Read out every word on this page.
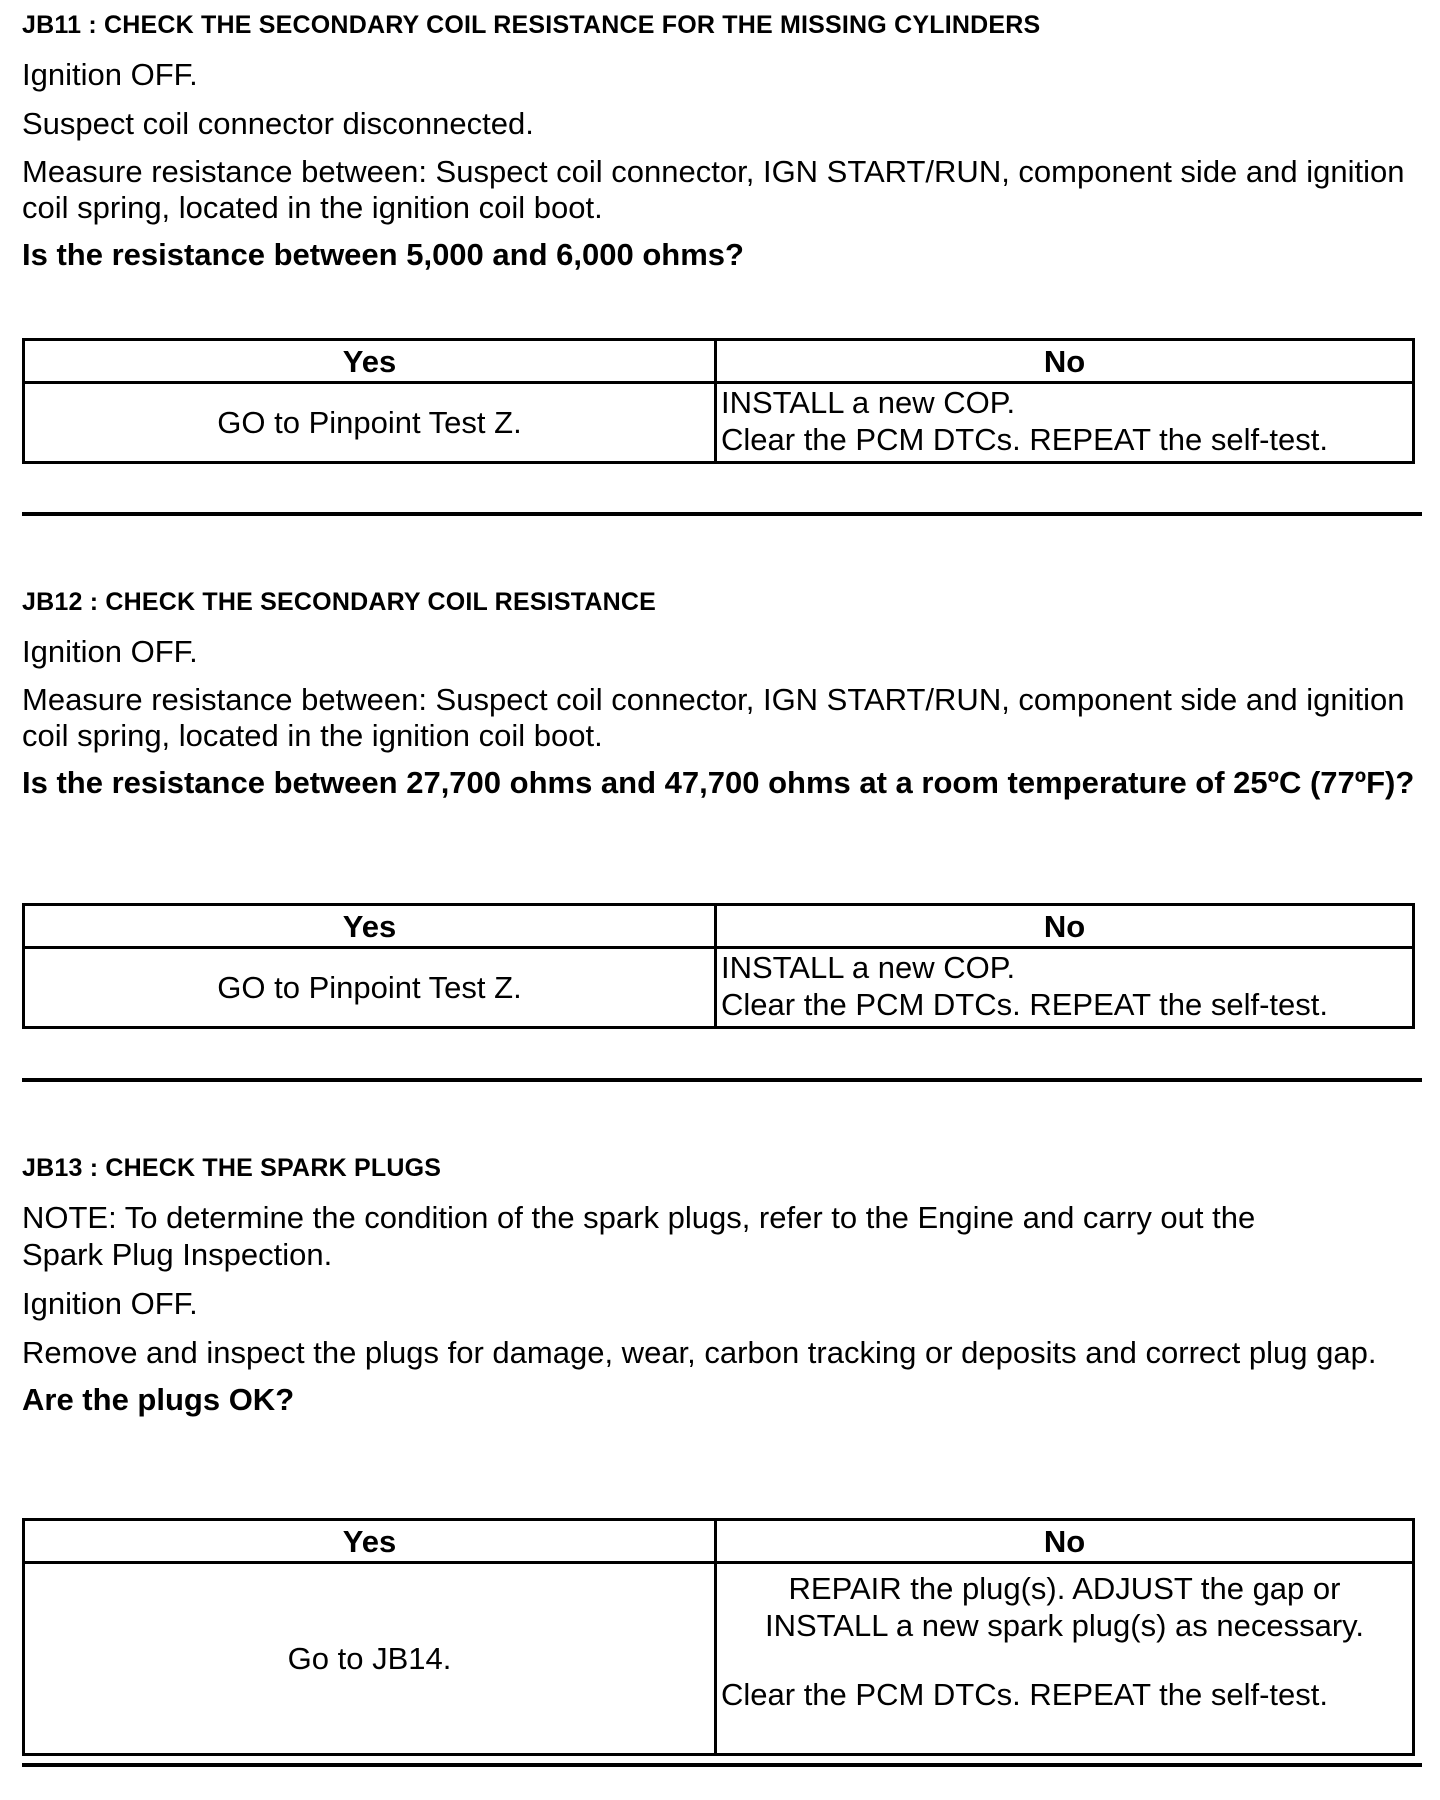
JB11 : CHECK THE SECONDARY COIL RESISTANCE FOR THE MISSING CYLINDERS

Ignition OFF.

Suspect coil connector disconnected.

Measure resistance between: Suspect coil connector, IGN START/RUN, component side and ignition coil spring, located in the ignition coil boot.

Is the resistance between 5,000 and 6,000 ohms?

Yes	No
GO to Pinpoint Test Z.	INSTALL a new COP.
Clear the PCM DTCs. REPEAT the self-test.

JB12 : CHECK THE SECONDARY COIL RESISTANCE

Ignition OFF.

Measure resistance between: Suspect coil connector, IGN START/RUN, component side and ignition coil spring, located in the ignition coil boot.

Is the resistance between 27,700 ohms and 47,700 ohms at a room temperature of 25ºC (77ºF)?

Yes	No
GO to Pinpoint Test Z.	INSTALL a new COP.
Clear the PCM DTCs. REPEAT the self-test.

JB13 : CHECK THE SPARK PLUGS

NOTE: To determine the condition of the spark plugs, refer to the Engine and carry out the Spark Plug Inspection.

Ignition OFF.

Remove and inspect the plugs for damage, wear, carbon tracking or deposits and correct plug gap.

Are the plugs OK?

Yes	No
Go to JB14.	REPAIR the plug(s). ADJUST the gap or INSTALL a new spark plug(s) as necessary.
Clear the PCM DTCs. REPEAT the self-test.
